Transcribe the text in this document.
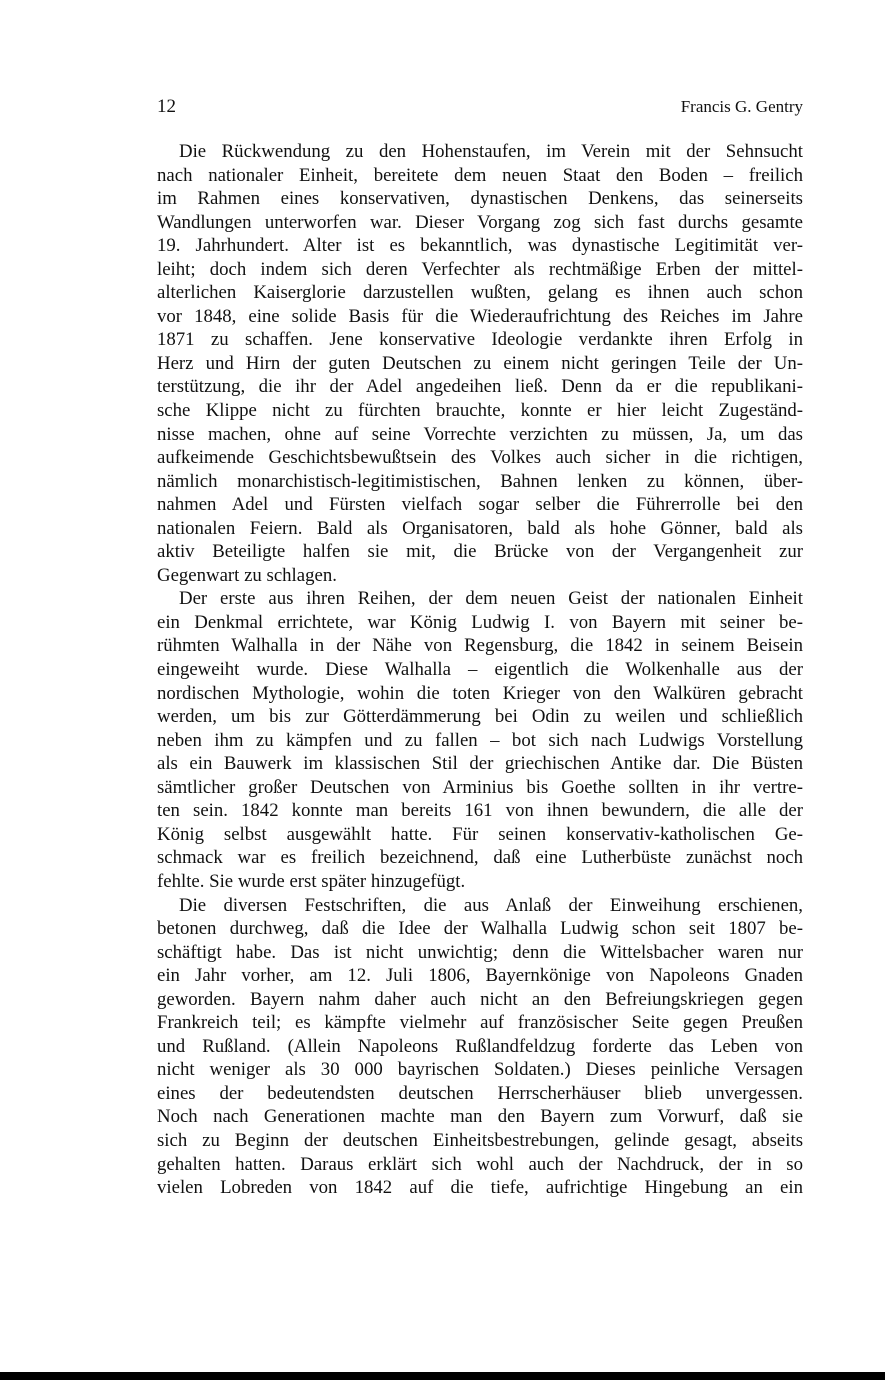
12	Francis G. Gentry
Die Rückwendung zu den Hohenstaufen, im Verein mit der Sehnsucht
nach nationaler Einheit, bereitete dem neuen Staat den Boden – freilich
im Rahmen eines konservativen, dynastischen Denkens, das seinerseits
Wandlungen unterworfen war. Dieser Vorgang zog sich fast durchs gesamte
19. Jahrhundert. Alter ist es bekanntlich, was dynastische Legitimität ver-
leiht; doch indem sich deren Verfechter als rechtmäßige Erben der mittel-
alterlichen Kaiserglorie darzustellen wußten, gelang es ihnen auch schon
vor 1848, eine solide Basis für die Wiederaufrichtung des Reiches im Jahre
1871 zu schaffen. Jene konservative Ideologie verdankte ihren Erfolg in
Herz und Hirn der guten Deutschen zu einem nicht geringen Teile der Un-
terstützung, die ihr der Adel angedeihen ließ. Denn da er die republikani-
sche Klippe nicht zu fürchten brauchte, konnte er hier leicht Zugeständ-
nisse machen, ohne auf seine Vorrechte verzichten zu müssen, Ja, um das
aufkeimende Geschichtsbewußtsein des Volkes auch sicher in die richtigen,
nämlich monarchistisch-legitimistischen, Bahnen lenken zu können, über-
nahmen Adel und Fürsten vielfach sogar selber die Führerrolle bei den
nationalen Feiern. Bald als Organisatoren, bald als hohe Gönner, bald als
aktiv Beteiligte halfen sie mit, die Brücke von der Vergangenheit zur
Gegenwart zu schlagen.
Der erste aus ihren Reihen, der dem neuen Geist der nationalen Einheit
ein Denkmal errichtete, war König Ludwig I. von Bayern mit seiner be-
rühmten Walhalla in der Nähe von Regensburg, die 1842 in seinem Beisein
eingeweiht wurde. Diese Walhalla – eigentlich die Wolkenhalle aus der
nordischen Mythologie, wohin die toten Krieger von den Walküren gebracht
werden, um bis zur Götterdämmerung bei Odin zu weilen und schließlich
neben ihm zu kämpfen und zu fallen – bot sich nach Ludwigs Vorstellung
als ein Bauwerk im klassischen Stil der griechischen Antike dar. Die Büsten
sämtlicher großer Deutschen von Arminius bis Goethe sollten in ihr vertre-
ten sein. 1842 konnte man bereits 161 von ihnen bewundern, die alle der
König selbst ausgewählt hatte. Für seinen konservativ-katholischen Ge-
schmack war es freilich bezeichnend, daß eine Lutherbüste zunächst noch
fehlte. Sie wurde erst später hinzugefügt.
Die diversen Festschriften, die aus Anlaß der Einweihung erschienen,
betonen durchweg, daß die Idee der Walhalla Ludwig schon seit 1807 be-
schäftigt habe. Das ist nicht unwichtig; denn die Wittelsbacher waren nur
ein Jahr vorher, am 12. Juli 1806, Bayernkönige von Napoleons Gnaden
geworden. Bayern nahm daher auch nicht an den Befreiungskriegen gegen
Frankreich teil; es kämpfte vielmehr auf französischer Seite gegen Preußen
und Rußland. (Allein Napoleons Rußlandfeldzug forderte das Leben von
nicht weniger als 30 000 bayrischen Soldaten.) Dieses peinliche Versagen
eines der bedeutendsten deutschen Herrscherhäuser blieb unvergessen.
Noch nach Generationen machte man den Bayern zum Vorwurf, daß sie
sich zu Beginn der deutschen Einheitsbestrebungen, gelinde gesagt, abseits
gehalten hatten. Daraus erklärt sich wohl auch der Nachdruck, der in so
vielen Lobreden von 1842 auf die tiefe, aufrichtige Hingebung an ein
